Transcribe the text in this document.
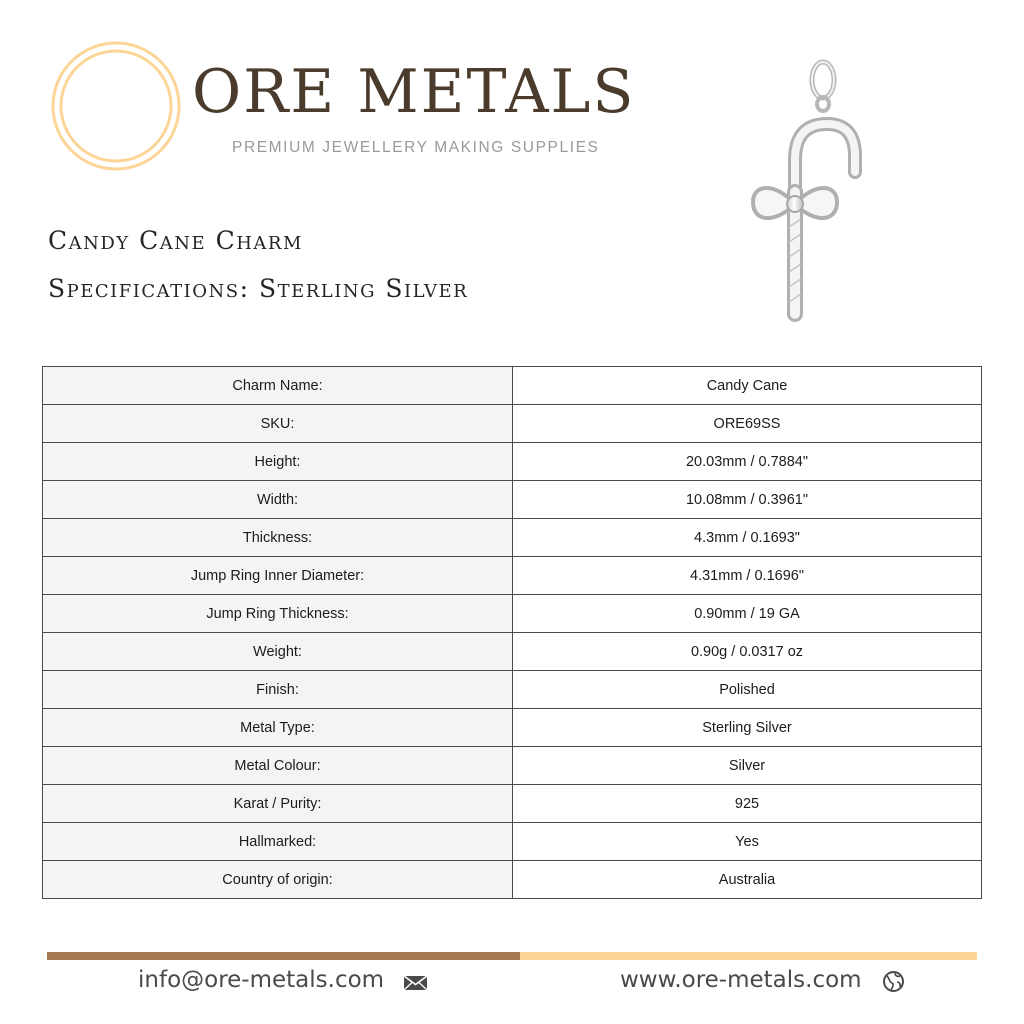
ORE METALS
PREMIUM JEWELLERY MAKING SUPPLIES
Candy Cane Charm
Specifications: Sterling Silver
Charm Name:	Candy Cane
SKU:	ORE69SS
Height:	20.03mm / 0.7884"
Width:	10.08mm / 0.3961"
Thickness:	4.3mm / 0.1693"
Jump Ring Inner Diameter:	4.31mm / 0.1696"
Jump Ring Thickness:	0.90mm / 19 GA
Weight:	0.90g / 0.0317 oz
Finish:	Polished
Metal Type:	Sterling Silver
Metal Colour:	Silver
Karat / Purity:	925
Hallmarked:	Yes
Country of origin:	Australia
info@ore-metals.com	www.ore-metals.com
